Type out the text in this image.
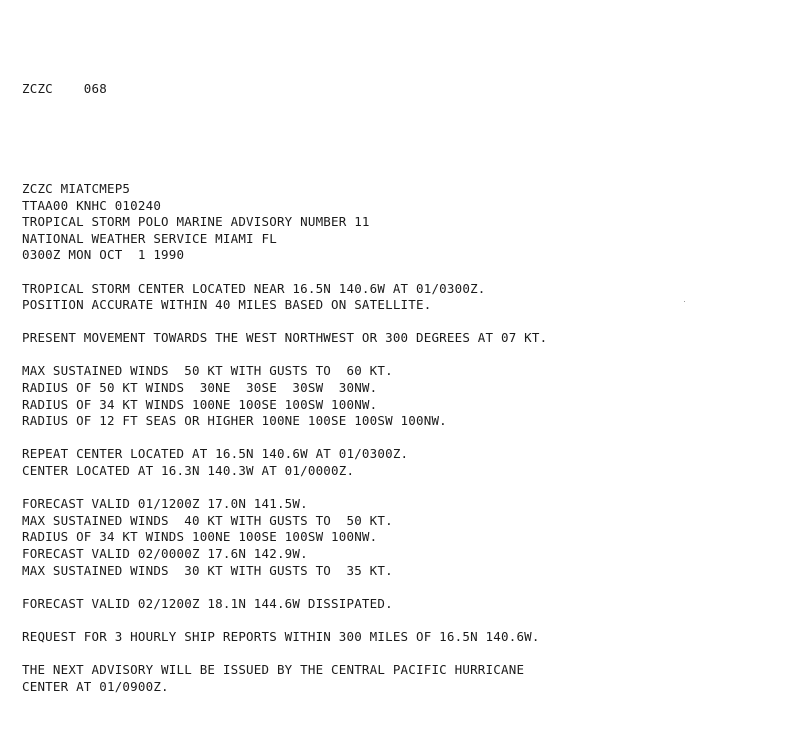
ZCZC    068

ZCZC MIATCMEP5
TTAA00 KNHC 010240
TROPICAL STORM POLO MARINE ADVISORY NUMBER 11
NATIONAL WEATHER SERVICE MIAMI FL
0300Z MON OCT  1 1990
TROPICAL STORM CENTER LOCATED NEAR 16.5N 140.6W AT 01/0300Z.
POSITION ACCURATE WITHIN 40 MILES BASED ON SATELLITE.
PRESENT MOVEMENT TOWARDS THE WEST NORTHWEST OR 300 DEGREES AT 07 KT.
MAX SUSTAINED WINDS  50 KT WITH GUSTS TO  60 KT.
RADIUS OF 50 KT WINDS  30NE  30SE  30SW  30NW.
RADIUS OF 34 KT WINDS 100NE 100SE 100SW 100NW.
RADIUS OF 12 FT SEAS OR HIGHER 100NE 100SE 100SW 100NW.
REPEAT CENTER LOCATED AT 16.5N 140.6W AT 01/0300Z.
CENTER LOCATED AT 16.3N 140.3W AT 01/0000Z.
FORECAST VALID 01/1200Z 17.0N 141.5W.
MAX SUSTAINED WINDS  40 KT WITH GUSTS TO  50 KT.
RADIUS OF 34 KT WINDS 100NE 100SE 100SW 100NW.
FORECAST VALID 02/0000Z 17.6N 142.9W.
MAX SUSTAINED WINDS  30 KT WITH GUSTS TO  35 KT.
FORECAST VALID 02/1200Z 18.1N 144.6W DISSIPATED.
REQUEST FOR 3 HOURLY SHIP REPORTS WITHIN 300 MILES OF 16.5N 140.6W.
THE NEXT ADVISORY WILL BE ISSUED BY THE CENTRAL PACIFIC HURRICANE
CENTER AT 01/0900Z.
